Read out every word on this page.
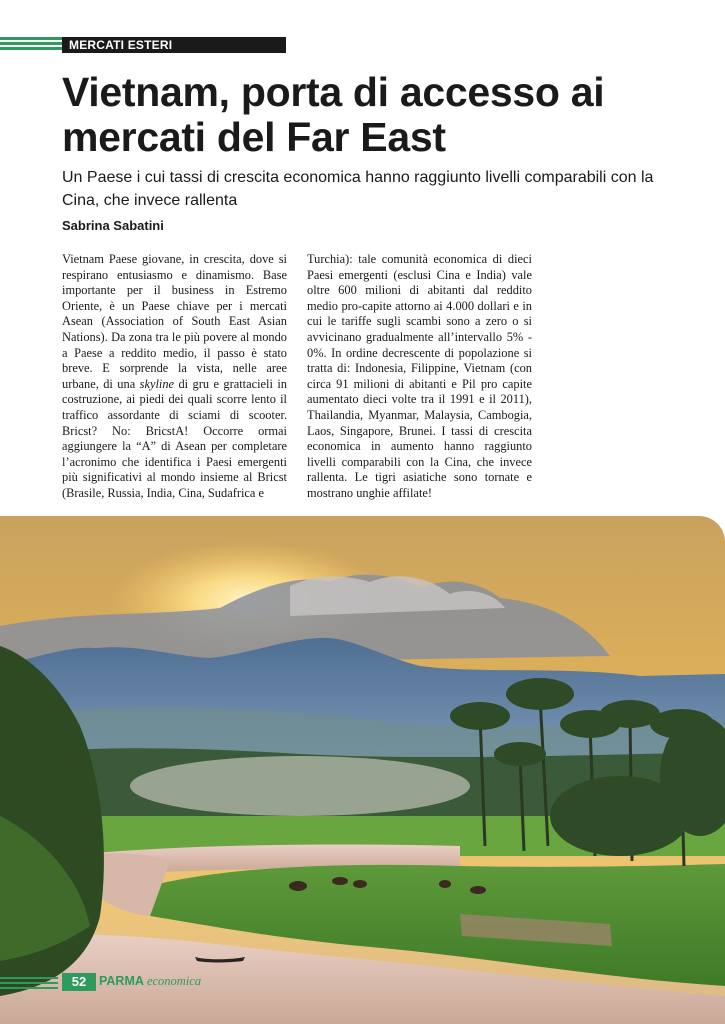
MERCATI ESTERI
Vietnam, porta di accesso ai mercati del Far East

Un Paese i cui tassi di crescita economica hanno raggiunto livelli comparabili con la Cina, che invece rallenta

Sabrina Sabatini

Vietnam Paese giovane, in crescita, dove si respirano entusiasmo e dinamismo. Base importante per il business in Estremo Oriente, è un Paese chiave per i mercati Asean (Association of South East Asian Nations). Da zona tra le più povere al mondo a Paese a reddito medio, il passo è stato breve. E sorprende la vista, nelle aree urbane, di una skyline di gru e grattacieli in costruzione, ai piedi dei quali scorre lento il traffico assordante di sciami di scooter. Bricst? No: BricstA! Occorre ormai aggiungere la “A” di Asean per completare l’acronimo che identifica i Paesi emergenti più significativi al mondo insieme al Bricst (Brasile, Russia, India, Cina, Sudafrica e

Turchia): tale comunità economica di dieci Paesi emergenti (esclusi Cina e India) vale oltre 600 milioni di abitanti dal reddito medio pro-capite attorno ai 4.000 dollari e in cui le tariffe sugli scambi sono a zero o si avvicinano gradualmente all’intervallo 5% - 0%. In ordine decrescente di popolazione si tratta di: Indonesia, Filippine, Vietnam (con circa 91 milioni di abitanti e Pil pro capite aumentato dieci volte tra il 1991 e il 2011), Thailandia, Myanmar, Malaysia, Cambogia, Laos, Singapore, Brunei. I tassi di crescita economica in aumento hanno raggiunto livelli comparabili con la Cina, che invece rallenta. Le tigri asiatiche sono tornate e mostrano unghie affilate!

52	PARMA economica
